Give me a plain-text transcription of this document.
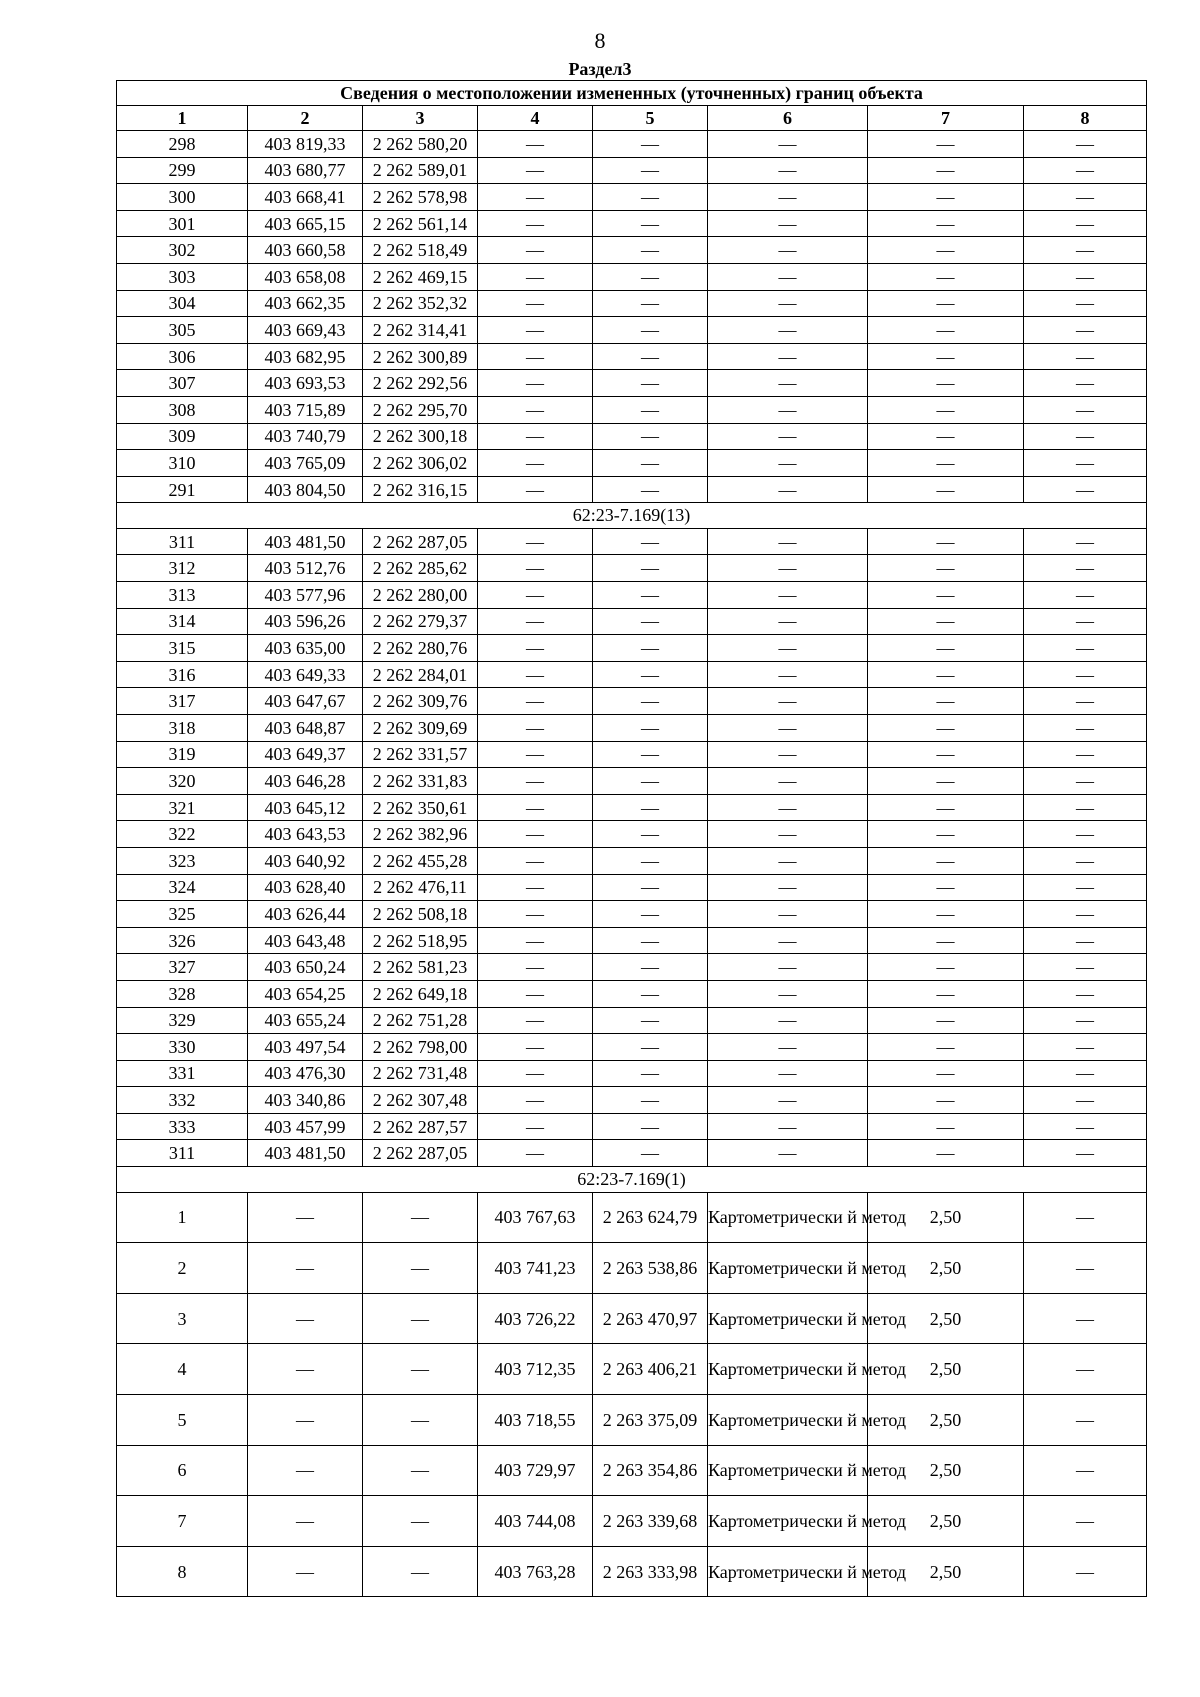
8
Раздел3
Сведения о местоположении измененных (уточненных) границ объекта							
1	2	3	4	5	6	7	8
298	403 819,33	2 262 580,20	—	—	—	—	—
299	403 680,77	2 262 589,01	—	—	—	—	—
300	403 668,41	2 262 578,98	—	—	—	—	—
301	403 665,15	2 262 561,14	—	—	—	—	—
302	403 660,58	2 262 518,49	—	—	—	—	—
303	403 658,08	2 262 469,15	—	—	—	—	—
304	403 662,35	2 262 352,32	—	—	—	—	—
305	403 669,43	2 262 314,41	—	—	—	—	—
306	403 682,95	2 262 300,89	—	—	—	—	—
307	403 693,53	2 262 292,56	—	—	—	—	—
308	403 715,89	2 262 295,70	—	—	—	—	—
309	403 740,79	2 262 300,18	—	—	—	—	—
310	403 765,09	2 262 306,02	—	—	—	—	—
291	403 804,50	2 262 316,15	—	—	—	—	—
62:23-7.169(13)							
311	403 481,50	2 262 287,05	—	—	—	—	—
312	403 512,76	2 262 285,62	—	—	—	—	—
313	403 577,96	2 262 280,00	—	—	—	—	—
314	403 596,26	2 262 279,37	—	—	—	—	—
315	403 635,00	2 262 280,76	—	—	—	—	—
316	403 649,33	2 262 284,01	—	—	—	—	—
317	403 647,67	2 262 309,76	—	—	—	—	—
318	403 648,87	2 262 309,69	—	—	—	—	—
319	403 649,37	2 262 331,57	—	—	—	—	—
320	403 646,28	2 262 331,83	—	—	—	—	—
321	403 645,12	2 262 350,61	—	—	—	—	—
322	403 643,53	2 262 382,96	—	—	—	—	—
323	403 640,92	2 262 455,28	—	—	—	—	—
324	403 628,40	2 262 476,11	—	—	—	—	—
325	403 626,44	2 262 508,18	—	—	—	—	—
326	403 643,48	2 262 518,95	—	—	—	—	—
327	403 650,24	2 262 581,23	—	—	—	—	—
328	403 654,25	2 262 649,18	—	—	—	—	—
329	403 655,24	2 262 751,28	—	—	—	—	—
330	403 497,54	2 262 798,00	—	—	—	—	—
331	403 476,30	2 262 731,48	—	—	—	—	—
332	403 340,86	2 262 307,48	—	—	—	—	—
333	403 457,99	2 262 287,57	—	—	—	—	—
311	403 481,50	2 262 287,05	—	—	—	—	—
62:23-7.169(1)							
1	—	—	403 767,63	2 263 624,79	Картометрически й метод	2,50	—
2	—	—	403 741,23	2 263 538,86	Картометрически й метод	2,50	—
3	—	—	403 726,22	2 263 470,97	Картометрически й метод	2,50	—
4	—	—	403 712,35	2 263 406,21	Картометрически й метод	2,50	—
5	—	—	403 718,55	2 263 375,09	Картометрически й метод	2,50	—
6	—	—	403 729,97	2 263 354,86	Картометрически й метод	2,50	—
7	—	—	403 744,08	2 263 339,68	Картометрически й метод	2,50	—
8	—	—	403 763,28	2 263 333,98	Картометрически й метод	2,50	—
